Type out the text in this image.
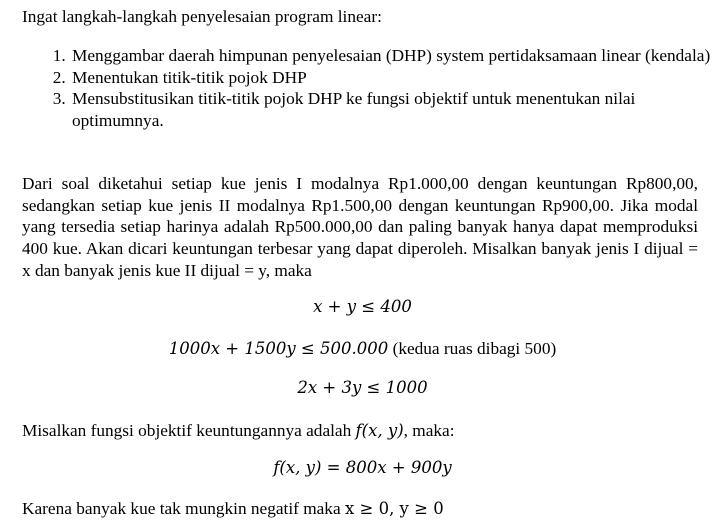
Ingat langkah-langkah penyelesaian program linear:

1. Menggambar daerah himpunan penyelesaian (DHP) system pertidaksamaan linear (kendala)
2. Menentukan titik-titik pojok DHP
3. Mensubstitusikan titik-titik pojok DHP ke fungsi objektif untuk menentukan nilai optimumnya.

Dari soal diketahui setiap kue jenis I modalnya Rp1.000,00 dengan keuntungan Rp800,00, sedangkan setiap kue jenis II modalnya Rp1.500,00 dengan keuntungan Rp900,00. Jika modal yang tersedia setiap harinya adalah Rp500.000,00 dan paling banyak hanya dapat memproduksi 400 kue. Akan dicari keuntungan terbesar yang dapat diperoleh. Misalkan banyak jenis I dijual = x dan banyak jenis kue II dijual = y, maka

x + y ≤ 400
1000x + 1500y ≤ 500.000 (kedua ruas dibagi 500)
2x + 3y ≤ 1000

Misalkan fungsi objektif keuntungannya adalah f(x, y), maka:

f(x, y) = 800x + 900y

Karena banyak kue tak mungkin negatif maka x ≥ 0, y ≥ 0
